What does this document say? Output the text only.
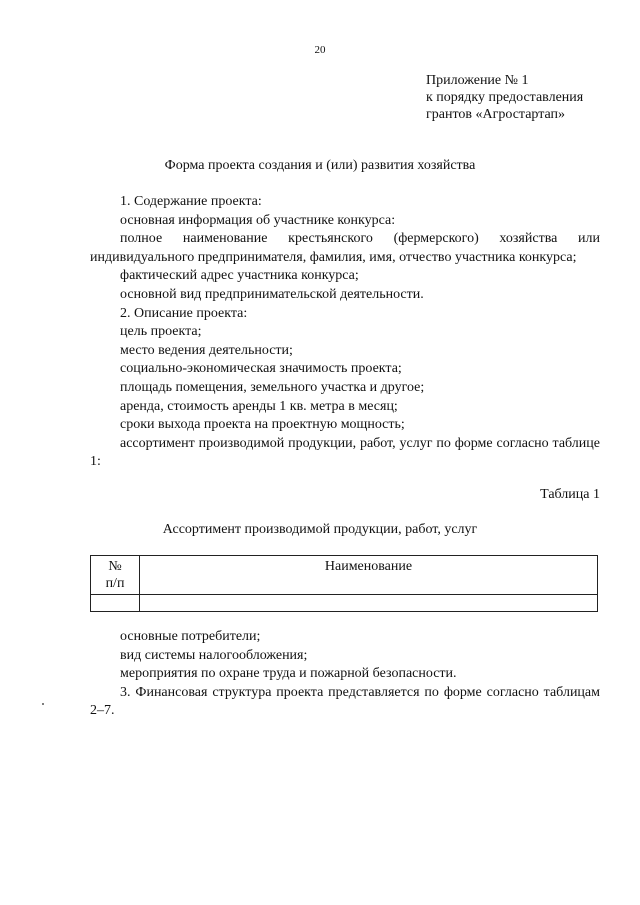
20
Приложение № 1
к порядку предоставления
грантов «Агростартап»
Форма проекта создания и (или) развития хозяйства

1. Содержание проекта:

основная информация об участнике конкурса:

полное наименование крестьянского (фермерского) хозяйства или индивидуального предпринимателя, фамилия, имя, отчество участника конкурса;

фактический адрес участника конкурса;

основной вид предпринимательской деятельности.

2. Описание проекта:

цель проекта;

место ведения деятельности;

социально-экономическая значимость проекта;

площадь помещения, земельного участка и другое;

аренда, стоимость аренды 1 кв. метра в месяц;

сроки выхода проекта на проектную мощность;

ассортимент производимой продукции, работ, услуг по форме согласно таблице 1:

Таблица 1
Ассортимент производимой продукции, работ, услуг
№
п/п	Наименование

основные потребители;

вид системы налогообложения;

мероприятия по охране труда и пожарной безопасности.

3. Финансовая структура проекта представляется по форме согласно таблицам 2–7.
